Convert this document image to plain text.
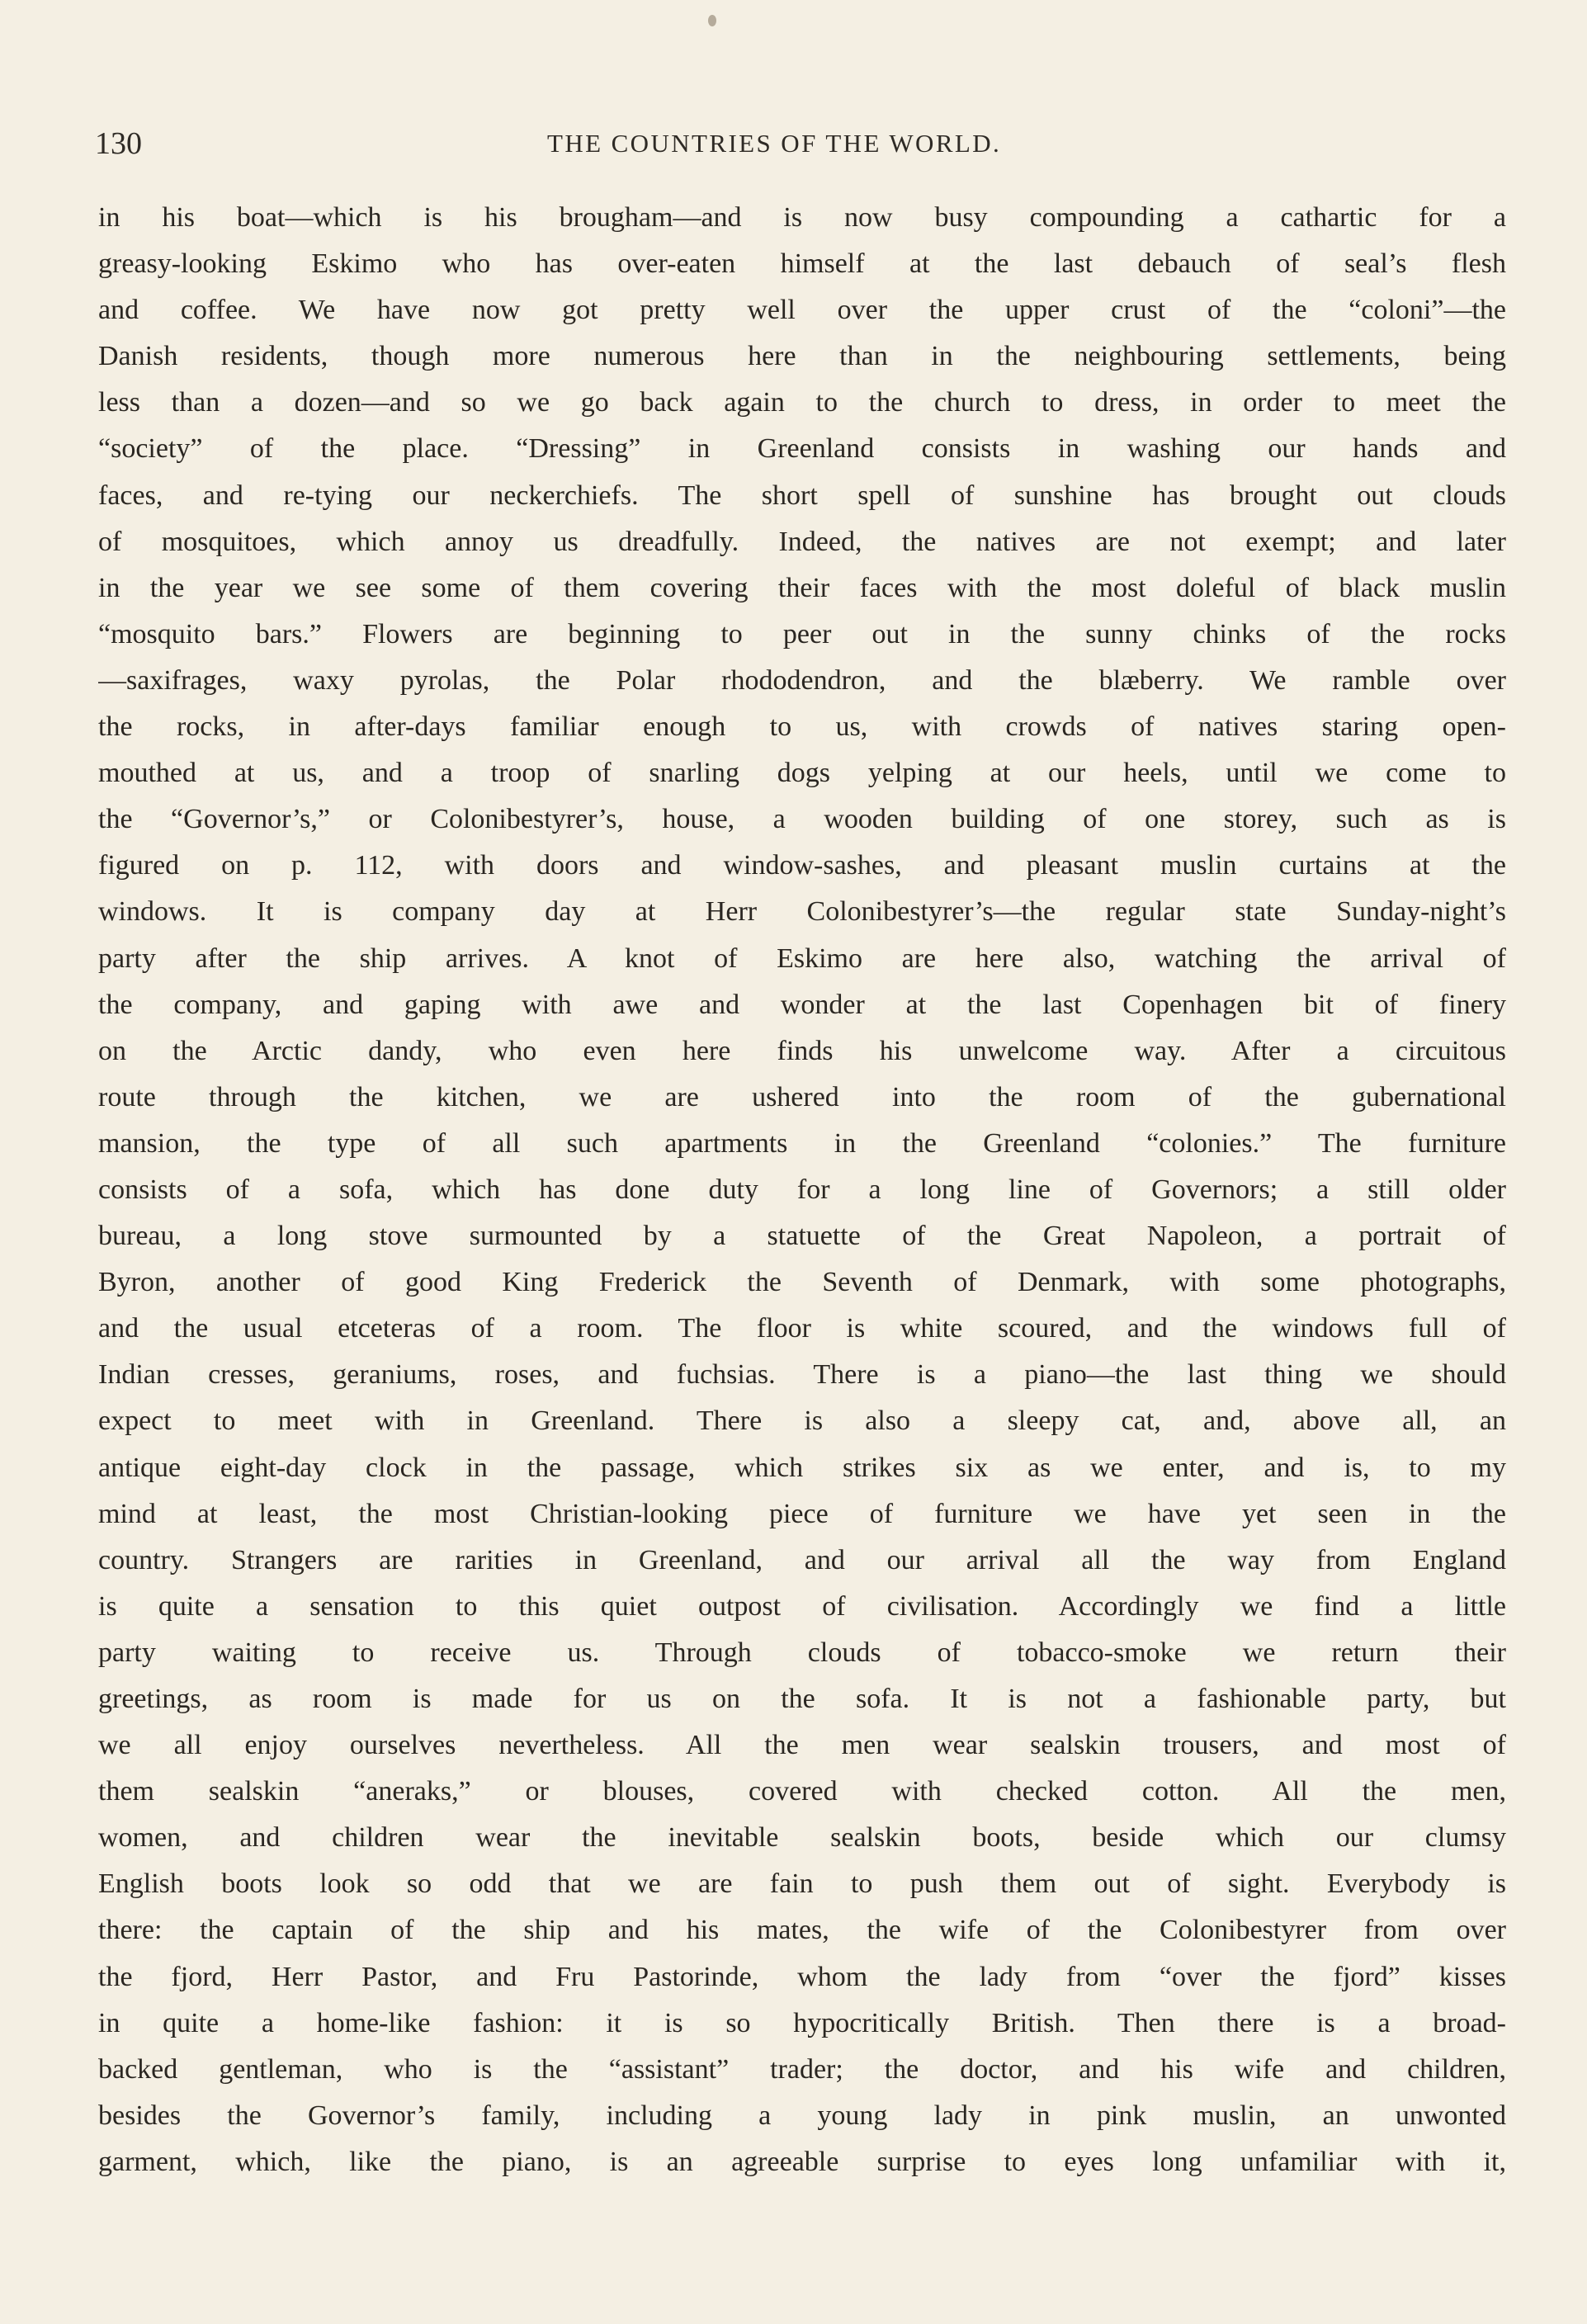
130	THE COUNTRIES OF THE WORLD.
in his boat—which is his brougham—and is now busy compounding a cathartic for a
greasy-looking Eskimo who has over-eaten himself at the last debauch of seal’s flesh
and coffee. We have now got pretty well over the upper crust of the “coloni”—the
Danish residents, though more numerous here than in the neighbouring settlements, being
less than a dozen—and so we go back again to the church to dress, in order to meet the
“society” of the place. “Dressing” in Greenland consists in washing our hands and
faces, and re-tying our neckerchiefs. The short spell of sunshine has brought out clouds
of mosquitoes, which annoy us dreadfully. Indeed, the natives are not exempt; and later
in the year we see some of them covering their faces with the most doleful of black muslin
“mosquito bars.” Flowers are beginning to peer out in the sunny chinks of the rocks
—saxifrages, waxy pyrolas, the Polar rhododendron, and the blæberry. We ramble over
the rocks, in after-days familiar enough to us, with crowds of natives staring open-
mouthed at us, and a troop of snarling dogs yelping at our heels, until we come to
the “Governor’s,” or Colonibestyrer’s, house, a wooden building of one storey, such as is
figured on p. 112, with doors and window-sashes, and pleasant muslin curtains at the
windows. It is company day at Herr Colonibestyrer’s—the regular state Sunday-night’s
party after the ship arrives. A knot of Eskimo are here also, watching the arrival of
the company, and gaping with awe and wonder at the last Copenhagen bit of finery
on the Arctic dandy, who even here finds his unwelcome way. After a circuitous
route through the kitchen, we are ushered into the room of the gubernational
mansion, the type of all such apartments in the Greenland “colonies.” The furniture
consists of a sofa, which has done duty for a long line of Governors; a still older
bureau, a long stove surmounted by a statuette of the Great Napoleon, a portrait of
Byron, another of good King Frederick the Seventh of Denmark, with some photographs,
and the usual etceteras of a room. The floor is white scoured, and the windows full of
Indian cresses, geraniums, roses, and fuchsias. There is a piano—the last thing we should
expect to meet with in Greenland. There is also a sleepy cat, and, above all, an
antique eight-day clock in the passage, which strikes six as we enter, and is, to my
mind at least, the most Christian-looking piece of furniture we have yet seen in the
country. Strangers are rarities in Greenland, and our arrival all the way from England
is quite a sensation to this quiet outpost of civilisation. Accordingly we find a little
party waiting to receive us. Through clouds of tobacco-smoke we return their
greetings, as room is made for us on the sofa. It is not a fashionable party, but
we all enjoy ourselves nevertheless. All the men wear sealskin trousers, and most of
them sealskin “aneraks,” or blouses, covered with checked cotton. All the men,
women, and children wear the inevitable sealskin boots, beside which our clumsy
English boots look so odd that we are fain to push them out of sight. Everybody is
there: the captain of the ship and his mates, the wife of the Colonibestyrer from over
the fjord, Herr Pastor, and Fru Pastorinde, whom the lady from “over the fjord” kisses
in quite a home-like fashion: it is so hypocritically British. Then there is a broad-
backed gentleman, who is the “assistant” trader; the doctor, and his wife and children,
besides the Governor’s family, including a young lady in pink muslin, an unwonted
garment, which, like the piano, is an agreeable surprise to eyes long unfamiliar with it,
